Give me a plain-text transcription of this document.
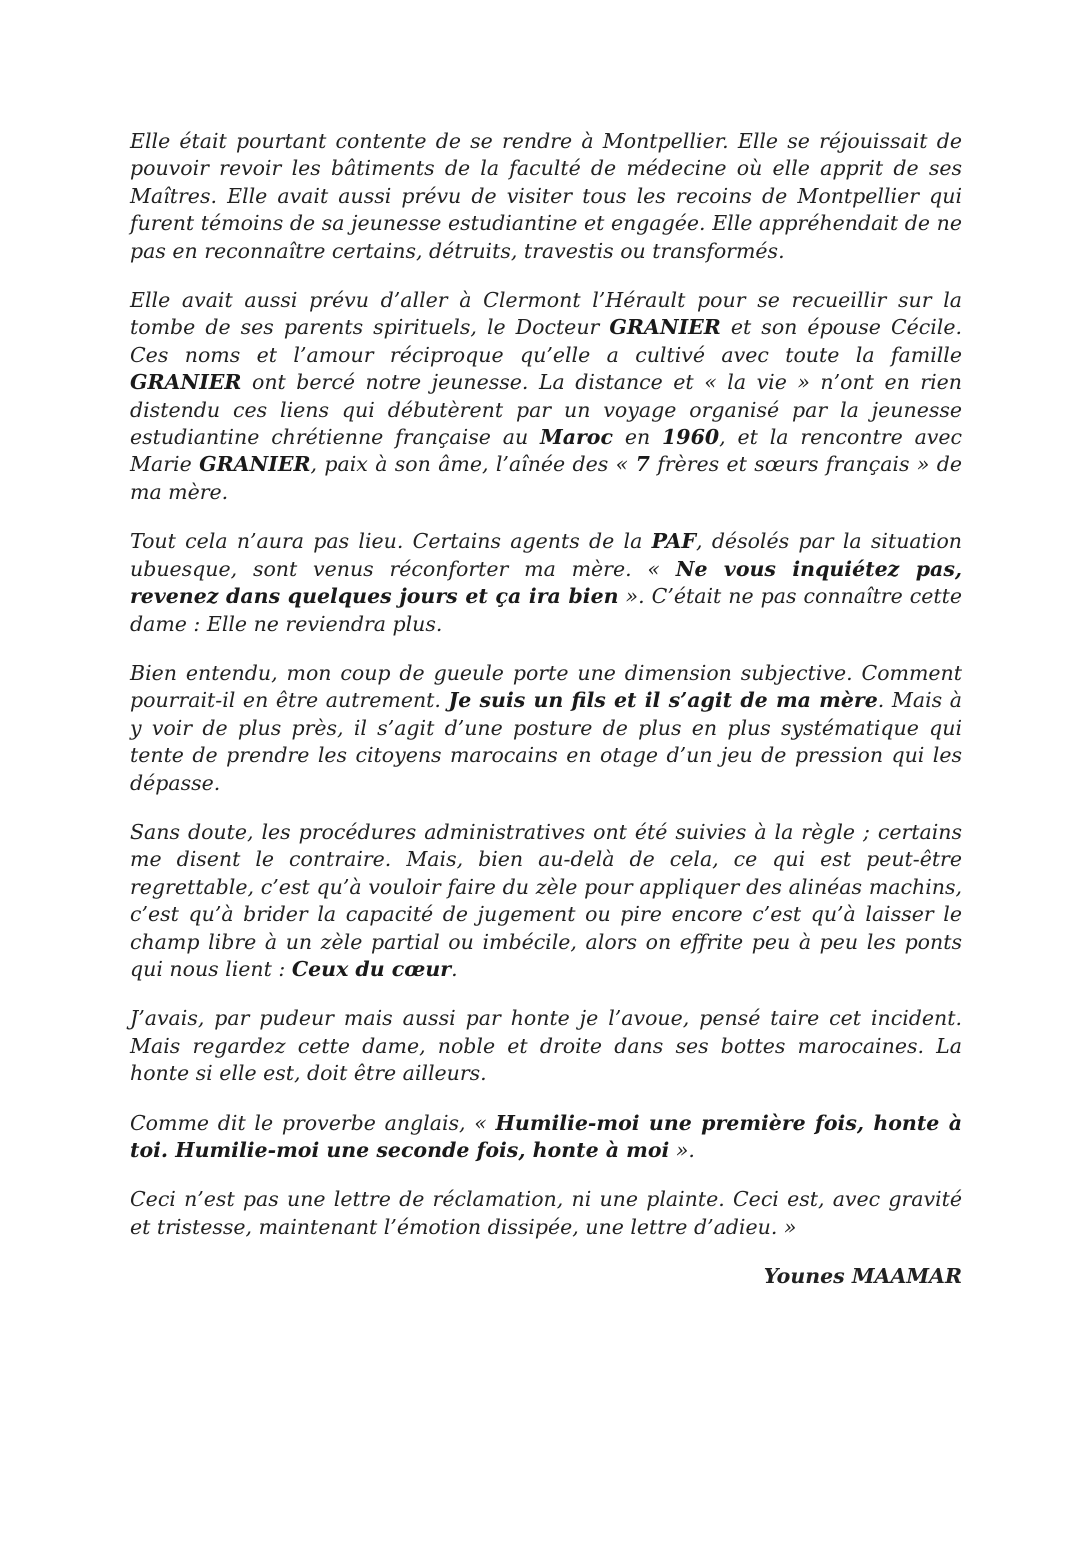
Elle était pourtant contente de se rendre à Montpellier. Elle se réjouissait de pouvoir revoir les bâtiments de la faculté de médecine où elle apprit de ses Maîtres. Elle avait aussi prévu de visiter tous les recoins de Montpellier qui furent témoins de sa jeunesse estudiantine et engagée. Elle appréhendait de ne pas en reconnaître certains, détruits, travestis ou transformés.

Elle avait aussi prévu d’aller à Clermont l’Hérault pour se recueillir sur la tombe de ses parents spirituels, le Docteur GRANIER et son épouse Cécile. Ces noms et l’amour réciproque qu’elle a cultivé avec toute la famille GRANIER ont bercé notre jeunesse. La distance et « la vie » n’ont en rien distendu ces liens qui débutèrent par un voyage organisé par la jeunesse estudiantine chrétienne française au Maroc en 1960, et la rencontre avec Marie GRANIER, paix à son âme, l’aînée des « 7 frères et sœurs français » de ma mère.

Tout cela n’aura pas lieu. Certains agents de la PAF, désolés par la situation ubuesque, sont venus réconforter ma mère. « Ne vous inquiétez pas, revenez dans quelques jours et ça ira bien ». C’était ne pas connaître cette dame : Elle ne reviendra plus.

Bien entendu, mon coup de gueule porte une dimension subjective. Comment pourrait-il en être autrement. Je suis un fils et il s’agit de ma mère. Mais à y voir de plus près, il s’agit d’une posture de plus en plus systématique qui tente de prendre les citoyens marocains en otage d’un jeu de pression qui les dépasse.

Sans doute, les procédures administratives ont été suivies à la règle ; certains me disent le contraire. Mais, bien au-delà de cela, ce qui est peut-être regrettable, c’est qu’à vouloir faire du zèle pour appliquer des alinéas machins, c’est qu’à brider la capacité de jugement ou pire encore c’est qu’à laisser le champ libre à un zèle partial ou imbécile, alors on effrite peu à peu les ponts qui nous lient : Ceux du cœur.

J’avais, par pudeur mais aussi par honte je l’avoue, pensé taire cet incident. Mais regardez cette dame, noble et droite dans ses bottes marocaines. La honte si elle est, doit être ailleurs.

Comme dit le proverbe anglais, « Humilie-moi une première fois, honte à toi. Humilie-moi une seconde fois, honte à moi ».

Ceci n’est pas une lettre de réclamation, ni une plainte. Ceci est, avec gravité et tristesse, maintenant l’émotion dissipée, une lettre d’adieu. »

Younes MAAMAR
